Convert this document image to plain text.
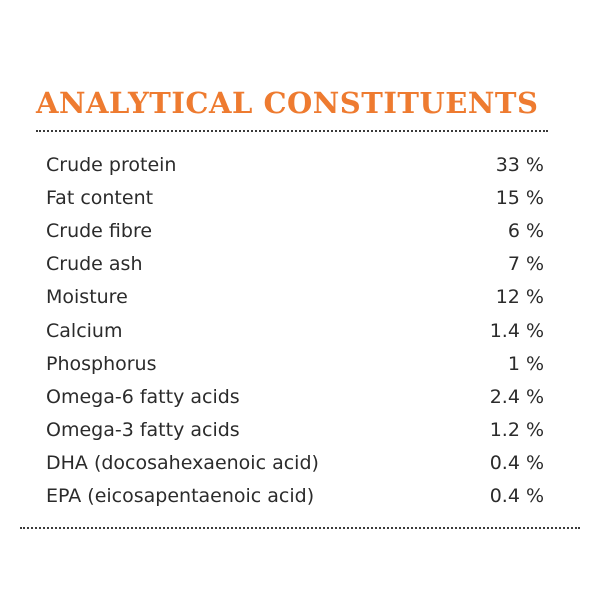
ANALYTICAL CONSTITUENTS
Crude protein	33 %
Fat content	15 %
Crude fibre	6 %
Crude ash	7 %
Moisture	12 %
Calcium	1.4 %
Phosphorus	1 %
Omega-6 fatty acids	2.4 %
Omega-3 fatty acids	1.2 %
DHA (docosahexaenoic acid)	0.4 %
EPA (eicosapentaenoic acid)	0.4 %
